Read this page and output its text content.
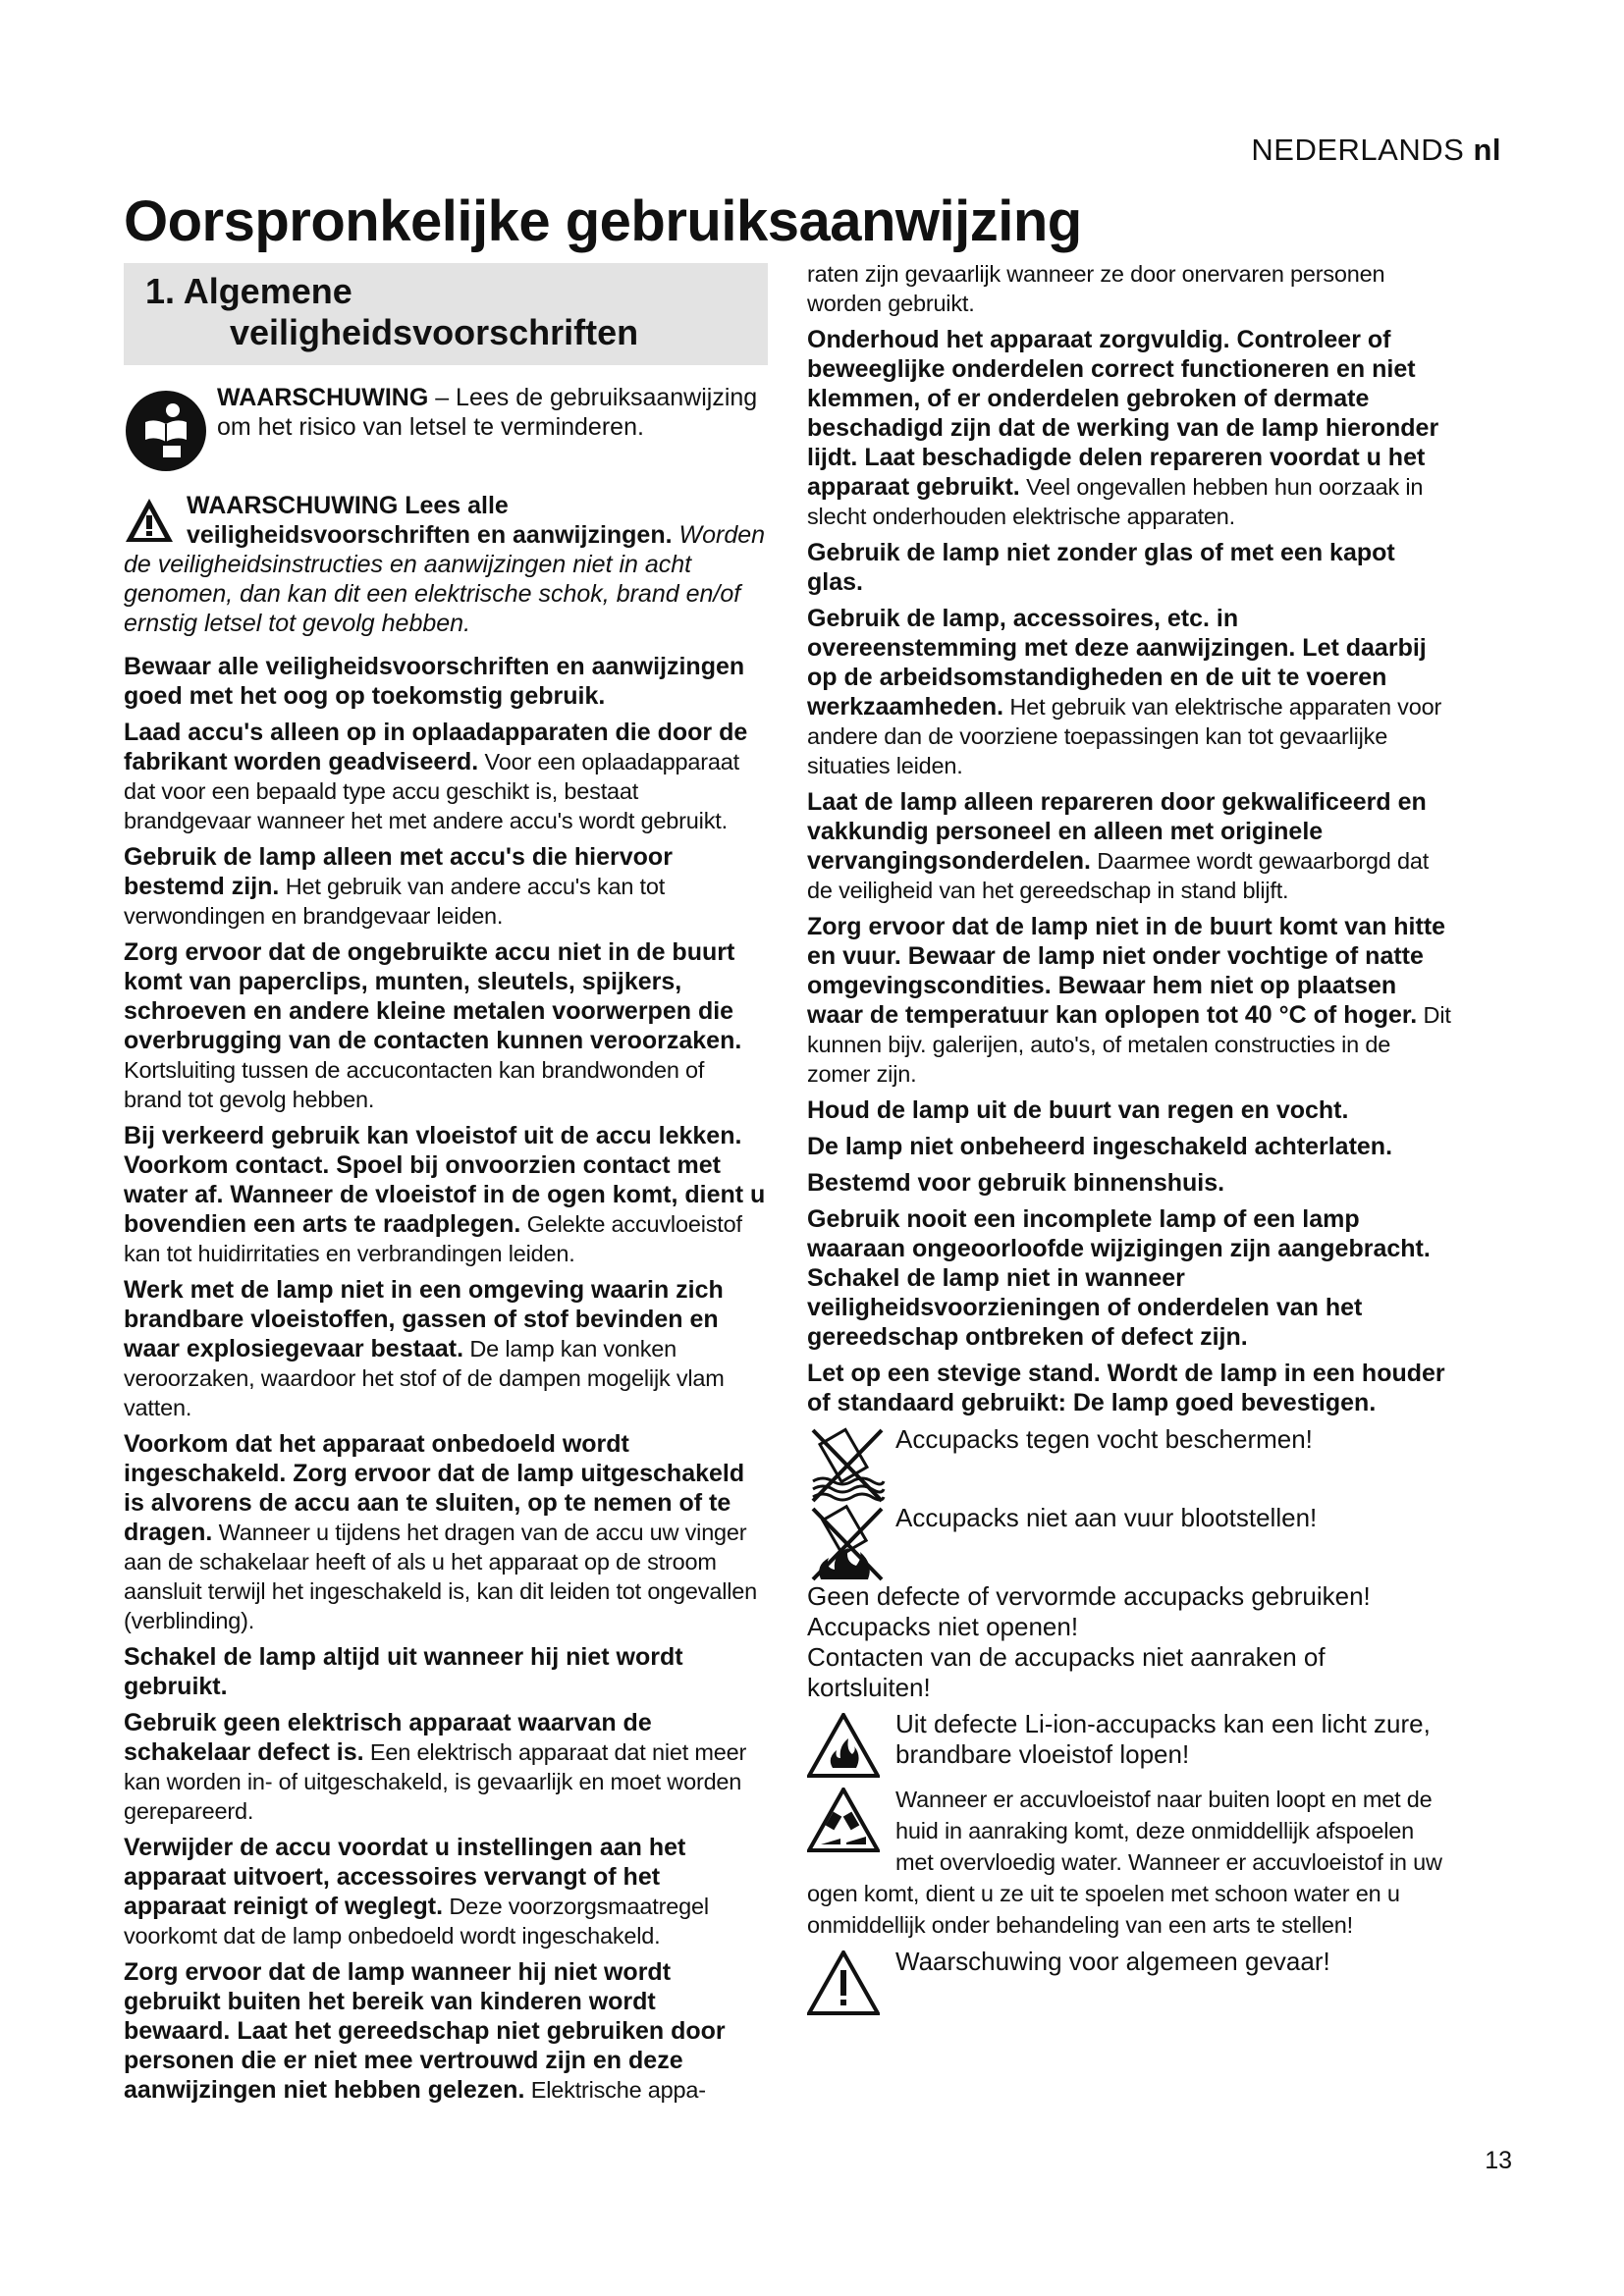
NEDERLANDS nl
Oorspronkelijke gebruiksaanwijzing
1. Algemene
veiligheidsvoorschriften
WAARSCHUWING – Lees de gebruiksaanwijzing om het risico van letsel te verminderen.
WAARSCHUWING Lees alle veiligheidsvoorschriften en aanwijzingen. Worden de veiligheidsinstructies en aanwijzingen niet in acht genomen, dan kan dit een elektrische schok, brand en/of ernstig letsel tot gevolg hebben.

Bewaar alle veiligheidsvoorschriften en aanwijzingen goed met het oog op toekomstig gebruik.

Laad accu's alleen op in oplaadapparaten die door de fabrikant worden geadviseerd. Voor een oplaadapparaat dat voor een bepaald type accu geschikt is, bestaat brandgevaar wanneer het met andere accu's wordt gebruikt.

Gebruik de lamp alleen met accu's die hiervoor bestemd zijn. Het gebruik van andere accu's kan tot verwondingen en brandgevaar leiden.

Zorg ervoor dat de ongebruikte accu niet in de buurt komt van paperclips, munten, sleutels, spijkers, schroeven en andere kleine metalen voorwerpen die overbrugging van de contacten kunnen veroorzaken. Kortsluiting tussen de accucontacten kan brandwonden of brand tot gevolg hebben.

Bij verkeerd gebruik kan vloeistof uit de accu lekken. Voorkom contact. Spoel bij onvoorzien contact met water af. Wanneer de vloeistof in de ogen komt, dient u bovendien een arts te raadplegen. Gelekte accuvloeistof kan tot huidirritaties en verbrandingen leiden.

Werk met de lamp niet in een omgeving waarin zich brandbare vloeistoffen, gassen of stof bevinden en waar explosiegevaar bestaat. De lamp kan vonken veroorzaken, waardoor het stof of de dampen mogelijk vlam vatten.

Voorkom dat het apparaat onbedoeld wordt ingeschakeld. Zorg ervoor dat de lamp uitgeschakeld is alvorens de accu aan te sluiten, op te nemen of te dragen. Wanneer u tijdens het dragen van de accu uw vinger aan de schakelaar heeft of als u het apparaat op de stroom aansluit terwijl het ingeschakeld is, kan dit leiden tot ongevallen (verblinding).

Schakel de lamp altijd uit wanneer hij niet wordt gebruikt.

Gebruik geen elektrisch apparaat waarvan de schakelaar defect is. Een elektrisch apparaat dat niet meer kan worden in- of uitgeschakeld, is gevaarlijk en moet worden gerepareerd.

Verwijder de accu voordat u instellingen aan het apparaat uitvoert, accessoires vervangt of het apparaat reinigt of weglegt. Deze voorzorgsmaatregel voorkomt dat de lamp onbedoeld wordt ingeschakeld.

Zorg ervoor dat de lamp wanneer hij niet wordt gebruikt buiten het bereik van kinderen wordt bewaard. Laat het gereedschap niet gebruiken door personen die er niet mee vertrouwd zijn en deze aanwijzingen niet hebben gelezen. Elektrische appa-

raten zijn gevaarlijk wanneer ze door onervaren personen worden gebruikt.

Onderhoud het apparaat zorgvuldig. Controleer of beweeglijke onderdelen correct functioneren en niet klemmen, of er onderdelen gebroken of dermate beschadigd zijn dat de werking van de lamp hieronder lijdt. Laat beschadigde delen repareren voordat u het apparaat gebruikt. Veel ongevallen hebben hun oorzaak in slecht onderhouden elektrische apparaten.

Gebruik de lamp niet zonder glas of met een kapot glas.

Gebruik de lamp, accessoires, etc. in overeenstemming met deze aanwijzingen. Let daarbij op de arbeidsomstandigheden en de uit te voeren werkzaamheden. Het gebruik van elektrische apparaten voor andere dan de voorziene toepassingen kan tot gevaarlijke situaties leiden.

Laat de lamp alleen repareren door gekwalificeerd en vakkundig personeel en alleen met originele vervangingsonderdelen. Daarmee wordt gewaarborgd dat de veiligheid van het gereedschap in stand blijft.

Zorg ervoor dat de lamp niet in de buurt komt van hitte en vuur. Bewaar de lamp niet onder vochtige of natte omgevingscondities. Bewaar hem niet op plaatsen waar de temperatuur kan oplopen tot 40 °C of hoger. Dit kunnen bijv. galerijen, auto's, of metalen constructies in de zomer zijn.

Houd de lamp uit de buurt van regen en vocht.

De lamp niet onbeheerd ingeschakeld achterlaten.

Bestemd voor gebruik binnenshuis.

Gebruik nooit een incomplete lamp of een lamp waaraan ongeoorloofde wijzigingen zijn aangebracht. Schakel de lamp niet in wanneer veiligheidsvoorzieningen of onderdelen van het gereedschap ontbreken of defect zijn.

Let op een stevige stand. Wordt de lamp in een houder of standaard gebruikt: De lamp goed bevestigen.

Accupacks tegen vocht beschermen!
Accupacks niet aan vuur blootstellen!

Geen defecte of vervormde accupacks gebruiken!

Accupacks niet openen!

Contacten van de accupacks niet aanraken of kortsluiten!

Uit defecte Li-ion-accupacks kan een licht zure, brandbare vloeistof lopen!
Wanneer er accuvloeistof naar buiten loopt en met de huid in aanraking komt, deze onmiddellijk afspoelen met overvloedig water. Wanneer er accuvloeistof in uw ogen komt, dient u ze uit te spoelen met schoon water en u onmiddellijk onder behandeling van een arts te stellen!
Waarschuwing voor algemeen gevaar!
13
